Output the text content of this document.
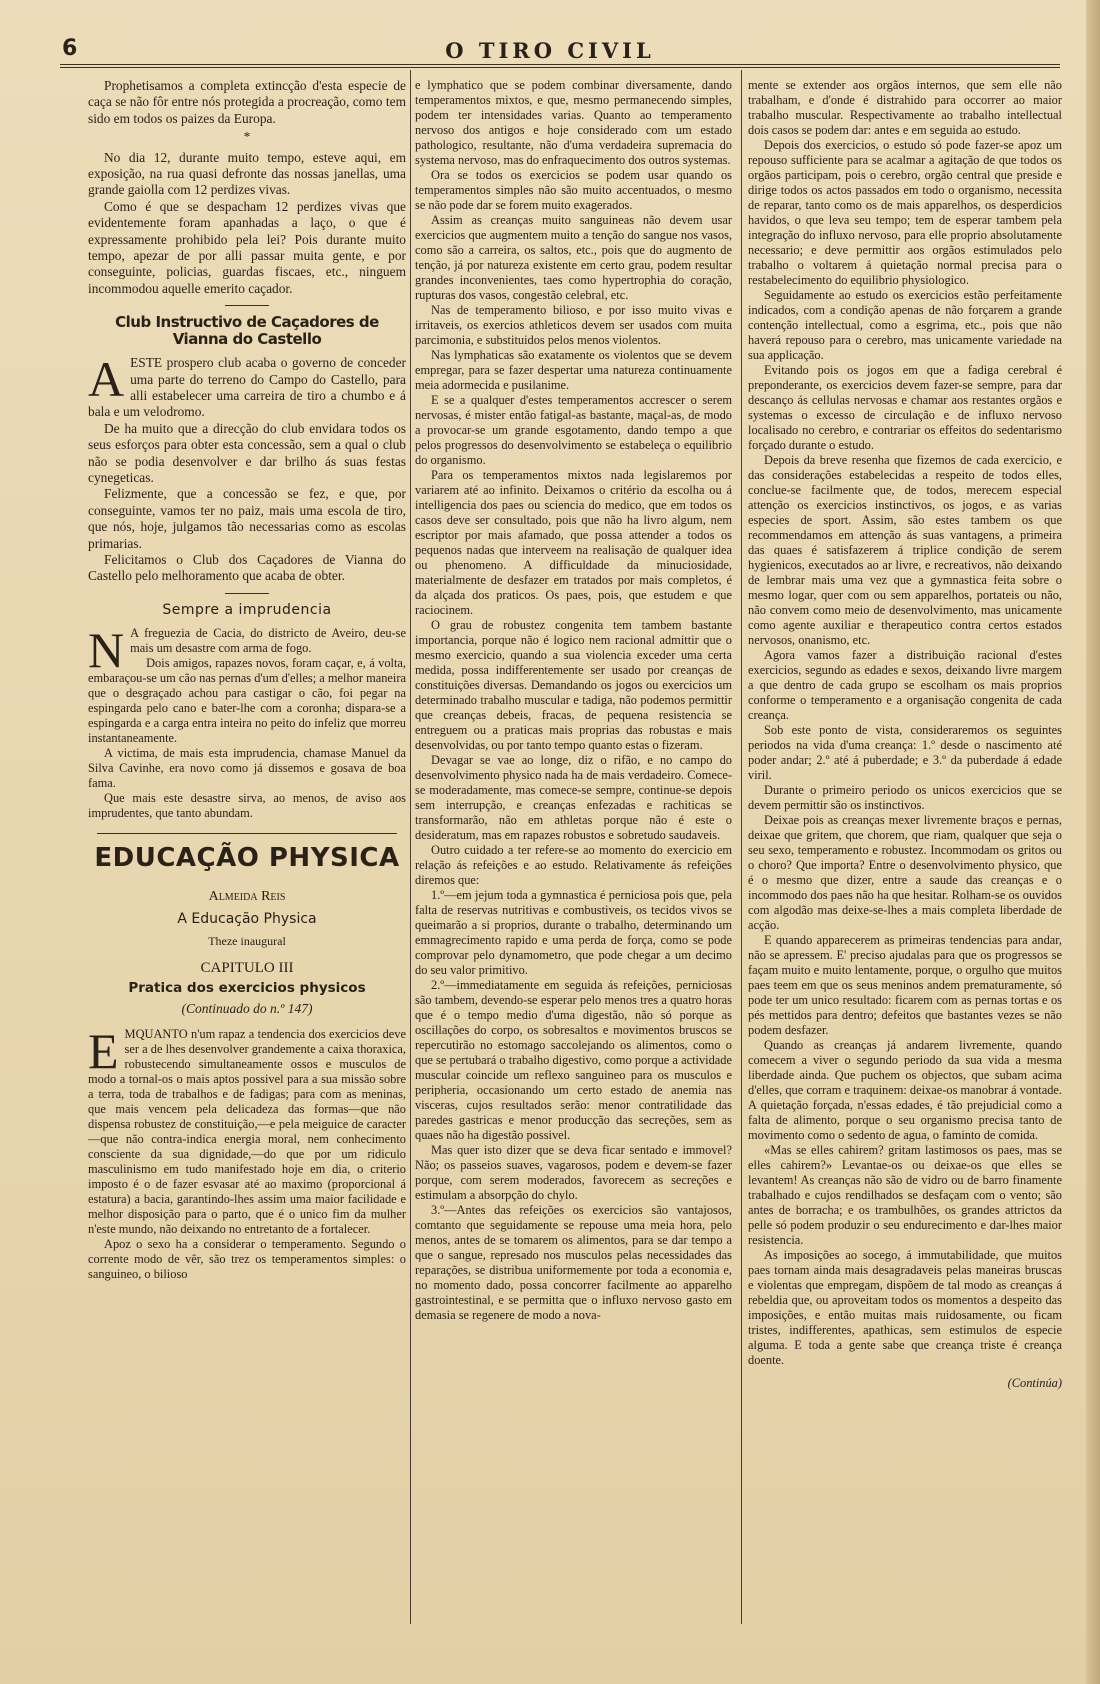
6	O TIRO CIVIL

Prophetisamos a completa extincção d'esta especie de caça se não fôr entre nós protegida a procreação, como tem sido em todos os paizes da Europa.

*

No dia 12, durante muito tempo, esteve aqui, em exposição, na rua quasi defronte das nossas janellas, uma grande gaiolla com 12 perdizes vivas.

Como é que se despacham 12 perdizes vivas que evidentemente foram apanhadas a laço, o que é expressamente prohibido pela lei? Pois durante muito tempo, apezar de por alli passar muita gente, e por conseguinte, policias, guardas fiscaes, etc., ninguem incommodou aquelle emerito caçador.

Club Instructivo de Caçadores de Vianna do Castello

AESTE prospero club acaba o governo de conceder uma parte do terreno do Campo do Castello, para alli estabelecer uma carreira de tiro a chumbo e á bala e um velodromo.

De ha muito que a direcção do club envidara todos os seus esforços para obter esta concessão, sem a qual o club não se podia desenvolver e dar brilho ás suas festas cynegeticas.

Felizmente, que a concessão se fez, e que, por conseguinte, vamos ter no paiz, mais uma escola de tiro, que nós, hoje, julgamos tão necessarias como as escolas primarias.

Felicitamos o Club dos Caçadores de Vianna do Castello pelo melhoramento que acaba de obter.

Sempre a imprudencia

N A freguezia de Cacia, do districto de Aveiro, deu-se mais um desastre com arma de fogo.

Dois amigos, rapazes novos, foram caçar, e, á volta, embaraçou-se um cão nas pernas d'um d'elles; a melhor maneira que o desgraçado achou para castigar o cão, foi pegar na espingarda pelo cano e bater-lhe com a coronha; dispara-se a espingarda e a carga entra inteira no peito do infeliz que morreu instantaneamente.

A victima, de mais esta imprudencia, chamase Manuel da Silva Cavinhe, era novo como já dissemos e gosava de boa fama.

Que mais este desastre sirva, ao menos, de aviso aos imprudentes, que tanto abundam.

EDUCAÇÃO PHYSICA
Almeida Reis
A Educação Physica
Theze inaugural
CAPITULO III
Pratica dos exercicios physicos
(Continuado do n.º 147)

EMQUANTO n'um rapaz a tendencia dos exercicios deve ser a de lhes desenvolver grandemente a caixa thoraxica, robustecendo simultaneamente ossos e musculos de modo a tornal-os o mais aptos possivel para a sua missão sobre a terra, toda de trabalhos e de fadigas; para com as meninas, que mais vencem pela delicadeza das formas—que não dispensa robustez de constituição,—e pela meiguice de caracter—que não contra-indica energia moral, nem conhecimento consciente da sua dignidade,—do que por um ridiculo masculinismo em tudo manifestado hoje em dia, o criterio imposto é o de fazer esvasar até ao maximo (proporcional á estatura) a bacia, garantindo-lhes assim uma maior facilidade e melhor disposição para o parto, que é o unico fim da mulher n'este mundo, não deixando no entretanto de a fortalecer.

Apoz o sexo ha a considerar o temperamento. Segundo o corrente modo de vêr, são trez os temperamentos simples: o sanguineo, o bilioso

e lymphatico que se podem combinar diversamente, dando temperamentos mixtos, e que, mesmo permanecendo simples, podem ter intensidades varias. Quanto ao temperamento nervoso dos antigos e hoje considerado com um estado pathologico, resultante, não d'uma verdadeira supremacia do systema nervoso, mas do enfraquecimento dos outros systemas.

Ora se todos os exercicios se podem usar quando os temperamentos simples não são muito accentuados, o mesmo se não pode dar se forem muito exagerados.

Assim as creanças muito sanguineas não devem usar exercicios que augmentem muito a tenção do sangue nos vasos, como são a carreira, os saltos, etc., pois que do augmento de tenção, já por natureza existente em certo grau, podem resultar grandes inconvenientes, taes como hypertrophia do coração, rupturas dos vasos, congestão celebral, etc.

Nas de temperamento bilioso, e por isso muito vivas e irritaveis, os exercios athleticos devem ser usados com muita parcimonia, e substituidos pelos menos violentos.

Nas lymphaticas são exatamente os violentos que se devem empregar, para se fazer despertar uma natureza continuamente meia adormecida e pusilanime.

E se a qualquer d'estes temperamentos accrescer o serem nervosas, é mister então fatigal-as bastante, maçal-as, de modo a provocar-se um grande esgotamento, dando tempo a que pelos progressos do desenvolvimento se estabeleça o equilibrio do organismo.

Para os temperamentos mixtos nada legislaremos por variarem até ao infinito. Deixamos o critério da escolha ou á intelligencia dos paes ou sciencia do medico, que em todos os casos deve ser consultado, pois que não ha livro algum, nem escriptor por mais afamado, que possa attender a todos os pequenos nadas que interveem na realisação de qualquer idea ou phenomeno. A difficuldade da minuciosidade, materialmente de desfazer em tratados por mais completos, é da alçada dos praticos. Os paes, pois, que estudem e que raciocinem.

O grau de robustez congenita tem tambem bastante importancia, porque não é logico nem racional admittir que o mesmo exercicio, quando a sua violencia exceder uma certa medida, possa indifferentemente ser usado por creanças de constituições diversas. Demandando os jogos ou exercicios um determinado trabalho muscular e tadiga, não podemos permittir que creanças debeis, fracas, de pequena resistencia se entreguem ou a praticas mais proprias das robustas e mais desenvolvidas, ou por tanto tempo quanto estas o fizeram.

Devagar se vae ao longe, diz o rifão, e no campo do desenvolvimento physico nada ha de mais verdadeiro. Comece-se moderadamente, mas comece-se sempre, continue-se depois sem interrupção, e creanças enfezadas e rachiticas se transformarão, não em athletas porque não é este o desideratum, mas em rapazes robustos e sobretudo saudaveis.

Outro cuidado a ter refere-se ao momento do exercicio em relação ás refeições e ao estudo. Relativamente ás refeições diremos que:

1.º—em jejum toda a gymnastica é perniciosa pois que, pela falta de reservas nutritivas e combustiveis, os tecidos vivos se queimarão a si proprios, durante o trabalho, determinando um emmagrecimento rapido e uma perda de força, como se pode comprovar pelo dynamometro, que pode chegar a um decimo do seu valor primitivo.

2.º—immediatamente em seguida ás refeições, perniciosas são tambem, devendo-se esperar pelo menos tres a quatro horas que é o tempo medio d'uma digestão, não só porque as oscillações do corpo, os sobresaltos e movimentos bruscos se repercutirão no estomago saccolejando os alimentos, como o que se pertubará o trabalho digestivo, como porque a actividade muscular coincide um reflexo sanguineo para os musculos e peripheria, occasionando um certo estado de anemia nas visceras, cujos resultados serão: menor contratilidade das paredes gastricas e menor producção das secreções, sem as quaes não ha digestão possivel.

Mas quer isto dizer que se deva ficar sentado e immovel? Não; os passeios suaves, vagarosos, podem e devem-se fazer porque, com serem moderados, favorecem as secreções e estimulam a absorpção do chylo.

3.º—Antes das refeições os exercicios são vantajosos, comtanto que seguidamente se repouse uma meia hora, pelo menos, antes de se tomarem os alimentos, para se dar tempo a que o sangue, represado nos musculos pelas necessidades das reparações, se distribua uniformemente por toda a economia e, no momento dado, possa concorrer facilmente ao apparelho gastrointestinal, e se permitta que o influxo nervoso gasto em demasia se regenere de modo a nova-

mente se extender aos orgãos internos, que sem elle não trabalham, e d'onde é distrahido para occorrer ao maior trabalho muscular. Respectivamente ao trabalho intellectual dois casos se podem dar: antes e em seguida ao estudo.

Depois dos exercicios, o estudo só pode fazer-se apoz um repouso sufficiente para se acalmar a agitação de que todos os orgãos participam, pois o cerebro, orgão central que preside e dirige todos os actos passados em todo o organismo, necessita de reparar, tanto como os de mais apparelhos, os desperdicios havidos, o que leva seu tempo; tem de esperar tambem pela integração do influxo nervoso, para elle proprio absolutamente necessario; e deve permittir aos orgãos estimulados pelo trabalho o voltarem á quietação normal precisa para o restabelecimento do equilibrio physiologico.

Seguidamente ao estudo os exercicios estão perfeitamente indicados, com a condição apenas de não forçarem a grande contenção intellectual, como a esgrima, etc., pois que não haverá repouso para o cerebro, mas unicamente variedade na sua applicação.

Evitando pois os jogos em que a fadiga cerebral é preponderante, os exercicios devem fazer-se sempre, para dar descanço ás cellulas nervosas e chamar aos restantes orgãos e systemas o excesso de circulação e de influxo nervoso localisado no cerebro, e contrariar os effeitos do sedentarismo forçado durante o estudo.

Depois da breve resenha que fizemos de cada exercicio, e das considerações estabelecidas a respeito de todos elles, conclue-se facilmente que, de todos, merecem especial attenção os exercicios instinctivos, os jogos, e as varias especies de sport. Assim, são estes tambem os que recommendamos em attenção ás suas vantagens, a primeira das quaes é satisfazerem á triplice condição de serem hygienicos, executados ao ar livre, e recreativos, não deixando de lembrar mais uma vez que a gymnastica feita sobre o mesmo logar, quer com ou sem apparelhos, portateis ou não, não convem como meio de desenvolvimento, mas unicamente como agente auxiliar e therapeutico contra certos estados nervosos, onanismo, etc.

Agora vamos fazer a distribuição racional d'estes exercicios, segundo as edades e sexos, deixando livre margem a que dentro de cada grupo se escolham os mais proprios conforme o temperamento e a organisação congenita de cada creança.

Sob este ponto de vista, consideraremos os seguintes periodos na vida d'uma creança: 1.º desde o nascimento até poder andar; 2.º até á puberdade; e 3.º da puberdade á edade viril.

Durante o primeiro periodo os unicos exercicios que se devem permittir são os instinctivos.

Deixae pois as creanças mexer livremente braços e pernas, deixae que gritem, que chorem, que riam, qualquer que seja o seu sexo, temperamento e robustez. Incommodam os gritos ou o choro? Que importa? Entre o desenvolvimento physico, que é o mesmo que dizer, entre a saude das creanças e o incommodo dos paes não ha que hesitar. Rolham-se os ouvidos com algodão mas deixe-se-lhes a mais completa liberdade de acção.

E quando apparecerem as primeiras tendencias para andar, não se apressem. E' preciso ajudalas para que os progressos se façam muito e muito lentamente, porque, o orgulho que muitos paes teem em que os seus meninos andem prematuramente, só pode ter um unico resultado: ficarem com as pernas tortas e os pés mettidos para dentro; defeitos que bastantes vezes se não podem desfazer.

Quando as creanças já andarem livremente, quando comecem a viver o segundo periodo da sua vida a mesma liberdade ainda. Que puchem os objectos, que subam acima d'elles, que corram e traquinem: deixae-os manobrar á vontade. A quietação forçada, n'essas edades, é tão prejudicial como a falta de alimento, porque o seu organismo precisa tanto de movimento como o sedento de agua, o faminto de comida.

«Mas se elles cahirem? gritam lastimosos os paes, mas se elles cahirem?» Levantae-os ou deixae-os que elles se levantem! As creanças não são de vidro ou de barro finamente trabalhado e cujos rendilhados se desfaçam com o vento; são antes de borracha; e os trambulhões, os grandes attrictos da pelle só podem produzir o seu endurecimento e dar-lhes maior resistencia.

As imposições ao socego, á immutabilidade, que muitos paes tornam ainda mais desagradaveis pelas maneiras bruscas e violentas que empregam, dispõem de tal modo as creanças á rebeldia que, ou aproveitam todos os momentos a despeito das imposições, e então muitas mais ruidosamente, ou ficam tristes, indifferentes, apathicas, sem estimulos de especie alguma. E toda a gente sabe que creança triste é creança doente.

(Continúa)
